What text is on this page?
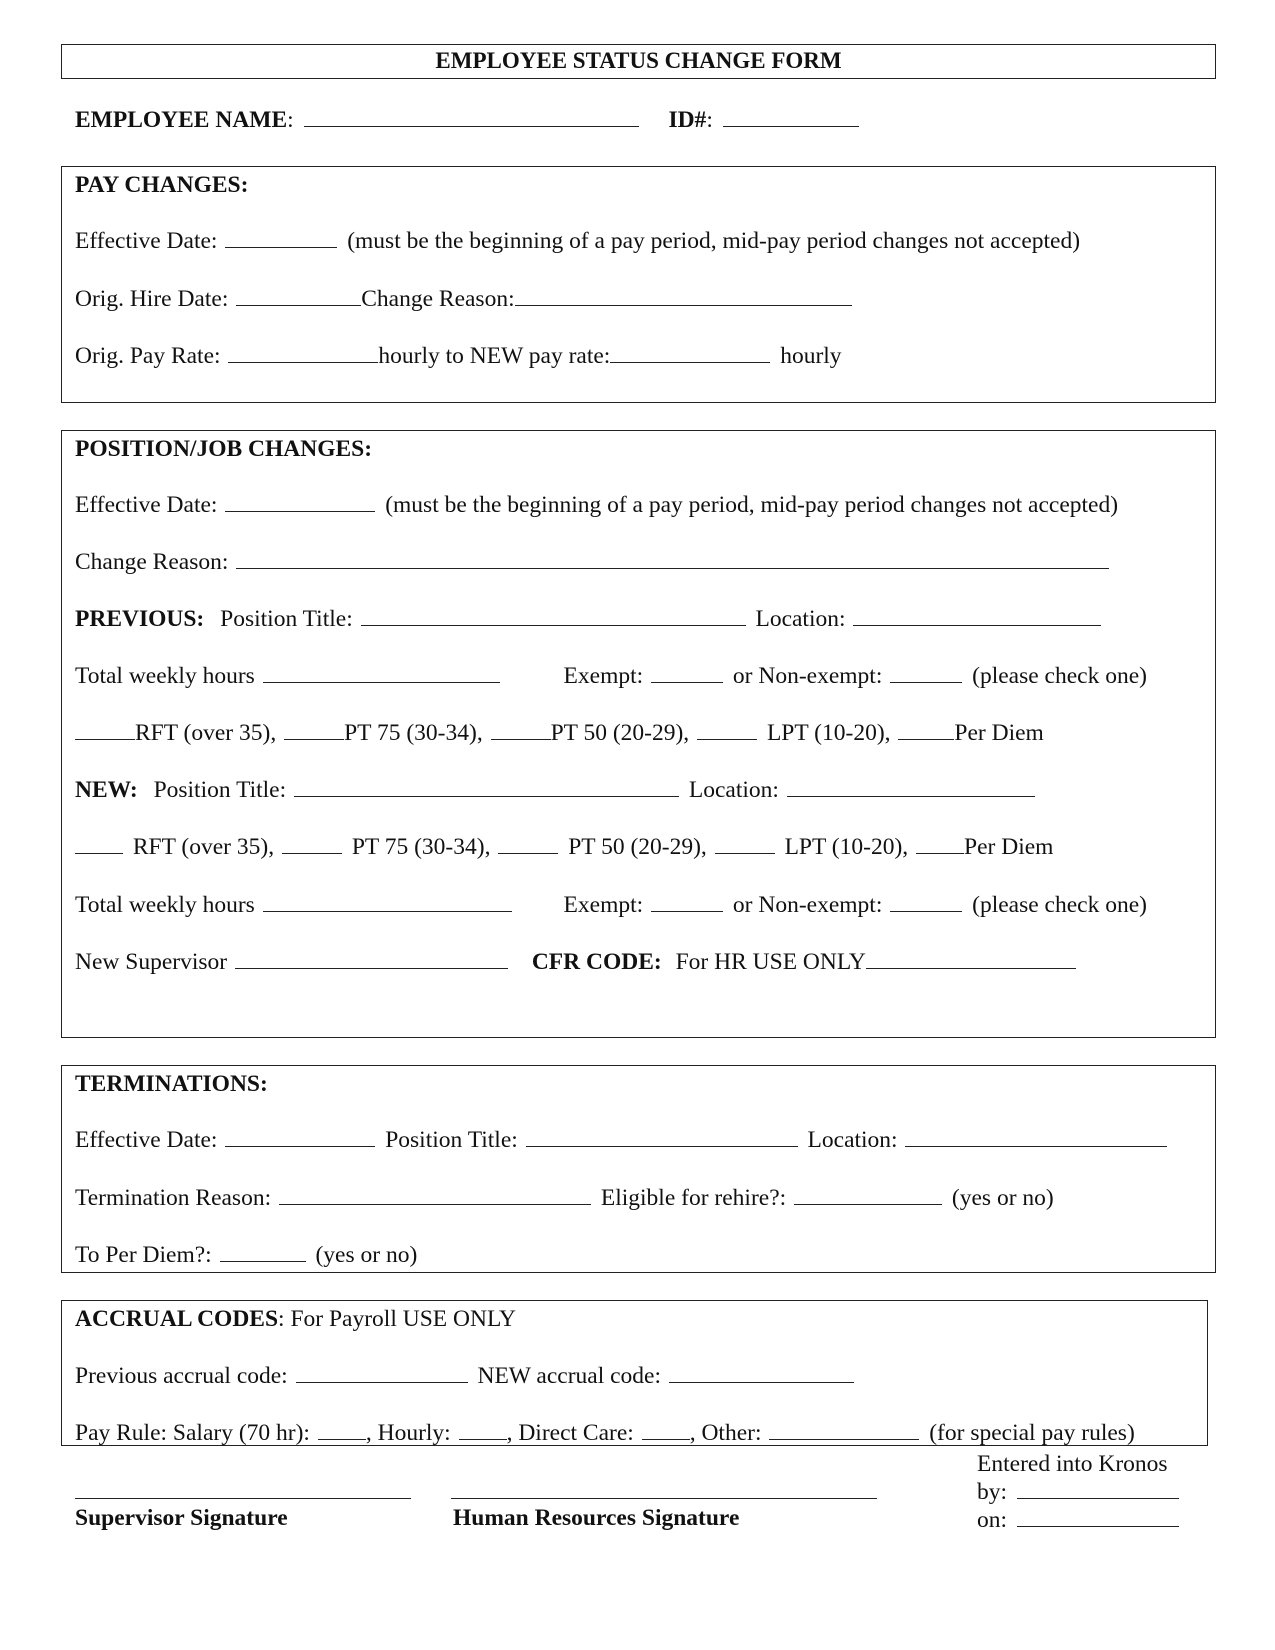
EMPLOYEE STATUS CHANGE FORM
EMPLOYEE NAME:	ID#:
PAY CHANGES:
Effective Date:	(must be the beginning of a pay period, mid-pay period changes not accepted)
Orig. Hire Date:	Change Reason:
Orig. Pay Rate:	hourly to NEW pay rate:	hourly
POSITION/JOB CHANGES:
Effective Date:	(must be the beginning of a pay period, mid-pay period changes not accepted)
Change Reason:
PREVIOUS: Position Title:	Location:
Total weekly hours	Exempt:	or Non-exempt:	(please check one)
RFT (over 35),	PT 75 (30-34),	PT 50 (20-29),	LPT (10-20),	Per Diem
NEW: Position Title:	Location:
RFT (over 35),	PT 75 (30-34),	PT 50 (20-29),	LPT (10-20), Per Diem
Total weekly hours	Exempt:	or Non-exempt:	(please check one)
New Supervisor	CFR CODE: For HR USE ONLY
TERMINATIONS:
Effective Date:	Position Title:	Location:
Termination Reason:	Eligible for rehire?:	(yes or no)
To Per Diem?:	(yes or no)
ACCRUAL CODES: For Payroll USE ONLY
Previous accrual code:	NEW accrual code:
Pay Rule: Salary (70 hr): , Hourly: , Direct Care: , Other:	(for special pay rules)
Supervisor Signature	Human Resources Signature
Entered into Kronos
by:
on:
